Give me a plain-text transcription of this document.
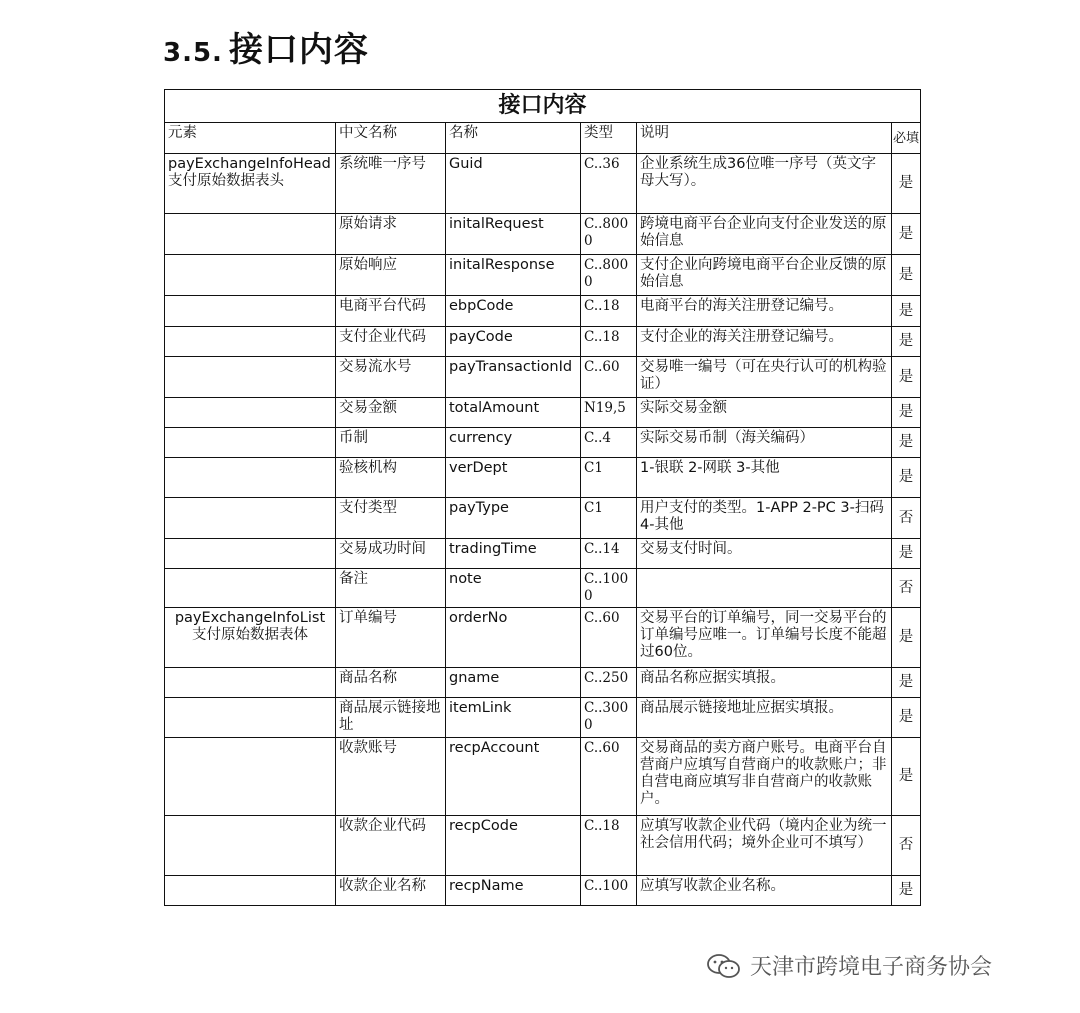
3.5. 接口内容
接口内容					
元素	中文名称	名称	类型	说明	必填
payExchangeInfoHead 支付原始数据表头	系统唯一序号	Guid	C..36	企业系统生成36位唯一序号（英文字母大写）。	是
	原始请求	initalRequest	C..8000	跨境电商平台企业向支付企业发送的原始信息	是
	原始响应	initalResponse	C..8000	支付企业向跨境电商平台企业反馈的原始信息	是
	电商平台代码	ebpCode	C..18	电商平台的海关注册登记编号。	是
	支付企业代码	payCode	C..18	支付企业的海关注册登记编号。	是
	交易流水号	payTransactionId	C..60	交易唯一编号（可在央行认可的机构验证）	是
	交易金额	totalAmount	N19,5	实际交易金额	是
	币制	currency	C..4	实际交易币制（海关编码）	是
	验核机构	verDept	C1	1-银联 2-网联 3-其他	是
	支付类型	payType	C1	用户支付的类型。1-APP 2-PC 3-扫码 4-其他	否
	交易成功时间	tradingTime	C..14	交易支付时间。	是
	备注	note	C..1000		否
payExchangeInfoList 支付原始数据表体	订单编号	orderNo	C..60	交易平台的订单编号，同一交易平台的订单编号应唯一。订单编号长度不能超过60位。	是
	商品名称	gname	C..250	商品名称应据实填报。	是
	商品展示链接地址	itemLink	C..3000	商品展示链接地址应据实填报。	是
	收款账号	recpAccount	C..60	交易商品的卖方商户账号。电商平台自营商户应填写自营商户的收款账户；非自营电商应填写非自营商户的收款账户。	是
	收款企业代码	recpCode	C..18	应填写收款企业代码（境内企业为统一社会信用代码；境外企业可不填写）	否
	收款企业名称	recpName	C..100	应填写收款企业名称。	是
天津市跨境电子商务协会
